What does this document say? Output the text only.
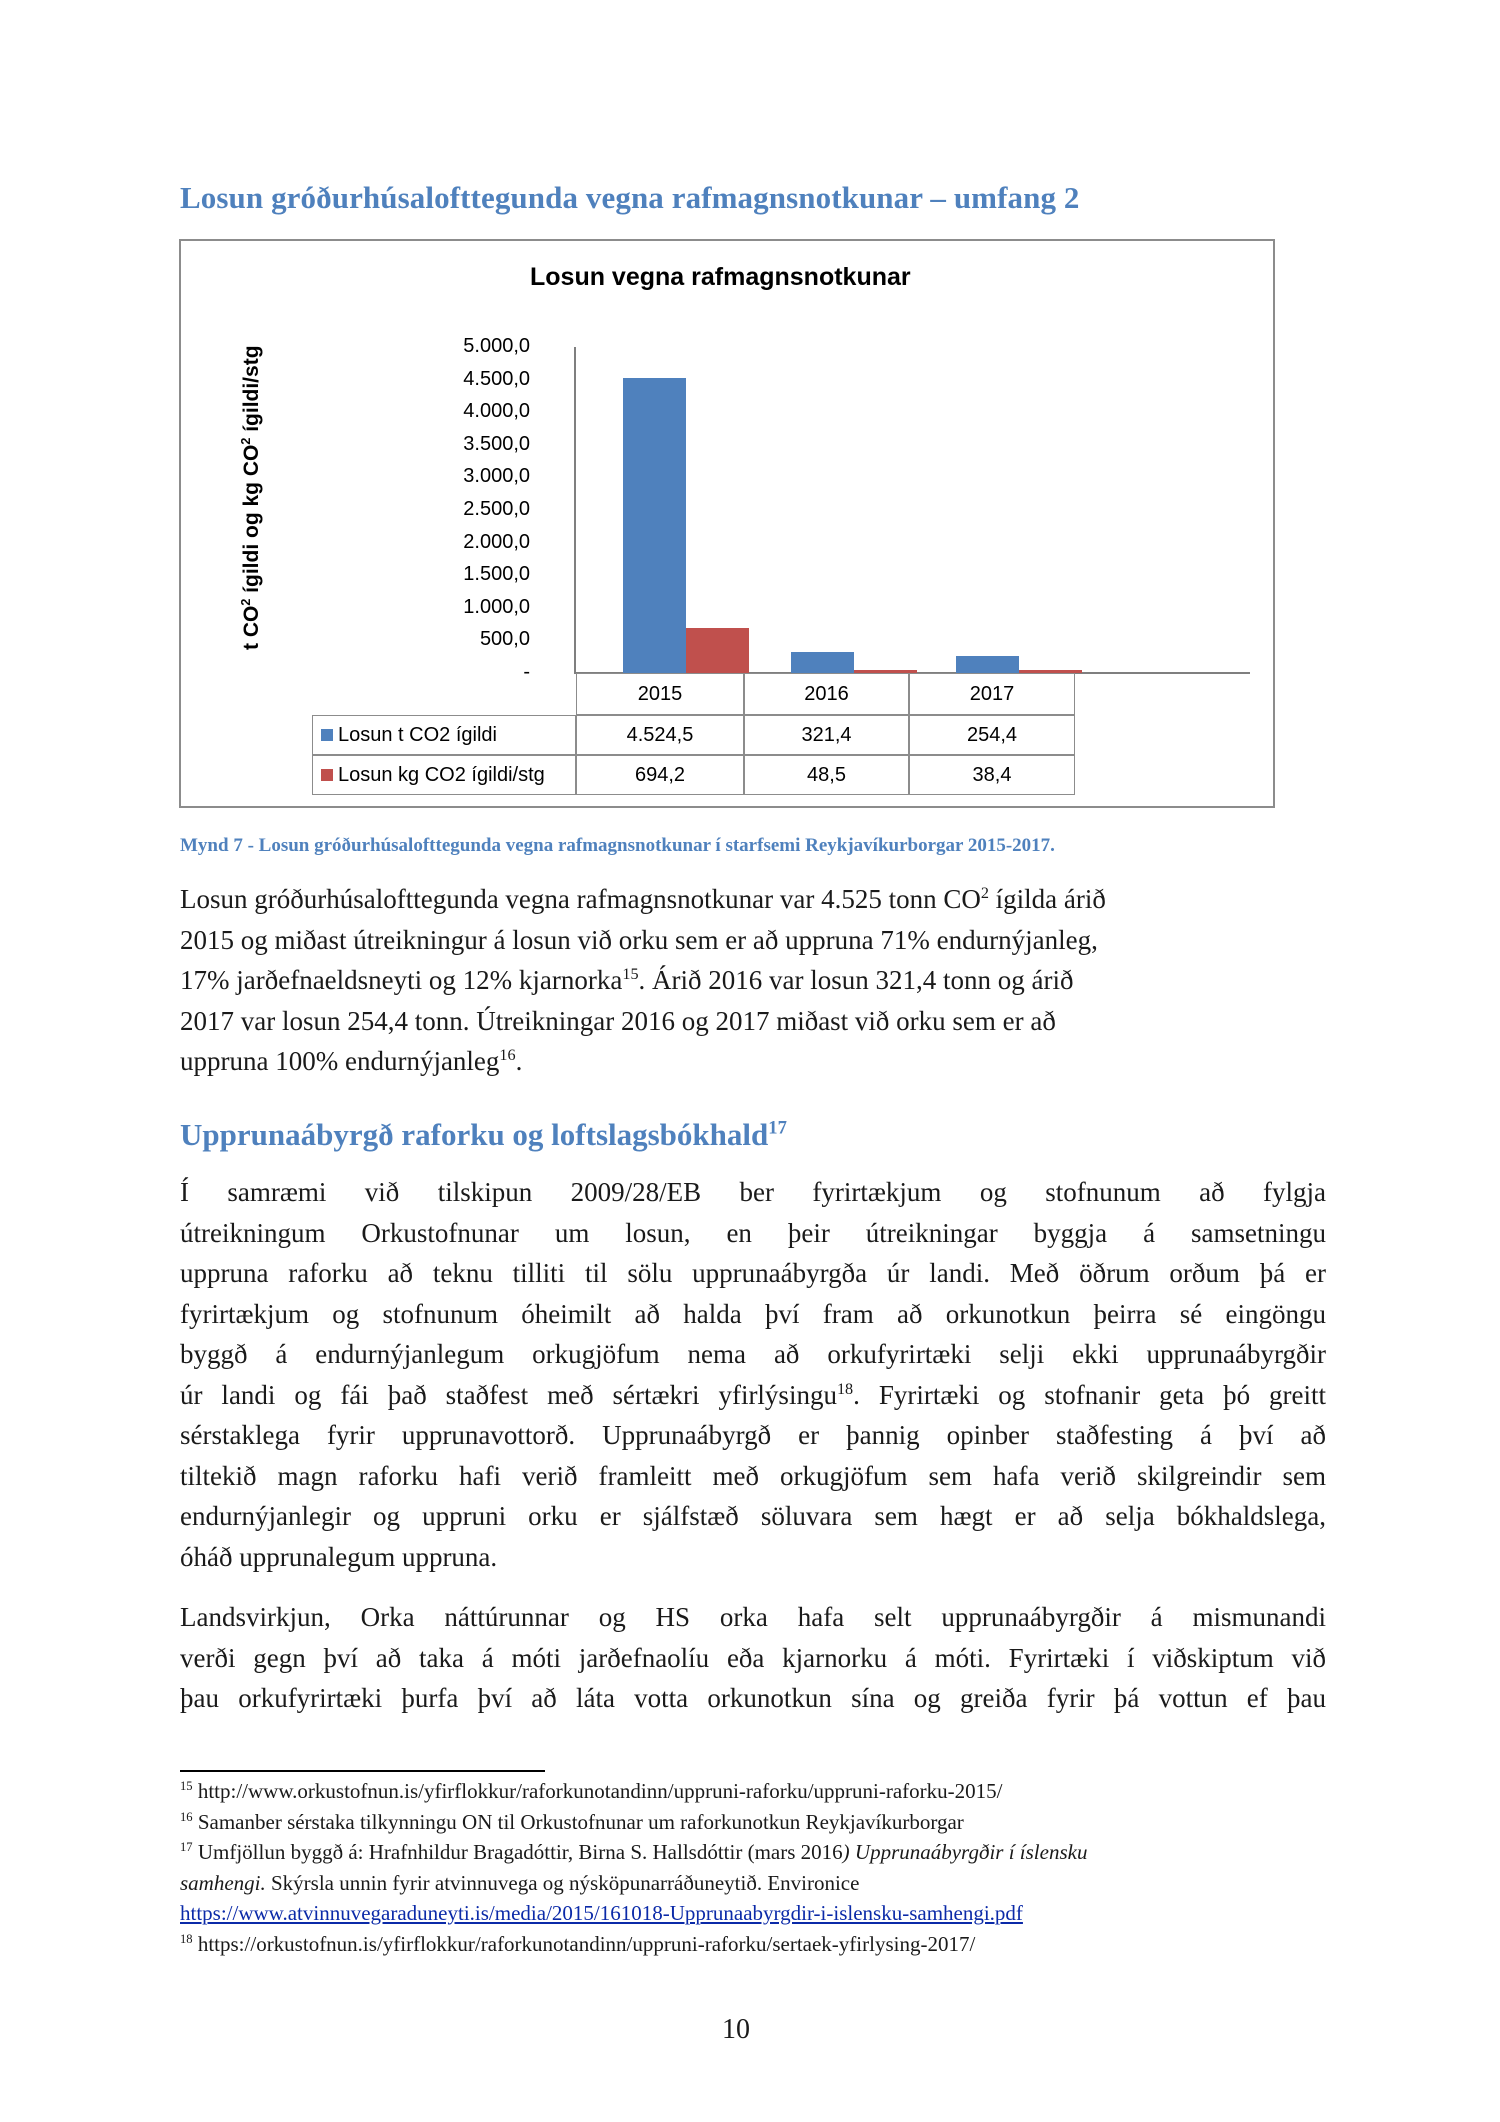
Losun gróðurhúsalofttegunda vegna rafmagnsnotkunar – umfang 2
Losun vegna rafmagnsnotkunar
t $CO^2$ ígildi og kg $CO^2$ ígildi/stg	5.000,0
4.500,0
4.000,0
3.500,0
3.000,0
2.500,0
2.000,0
1.500,0
1.000,0
500,0
-
2015	2016	2017
Losun t CO2 ígildi	4.524,5	321,4	254,4
Losun kg CO2 ígildi/stg	694,2	48,5	38,4
Mynd 7 - Losun gróðurhúsalofttegunda vegna rafmagnsnotkunar í starfsemi Reykjavíkurborgar 2015-2017.
Losun gróðurhúsalofttegunda vegna rafmagnsnotkunar var 4.525 tonn $CO^2$ ígilda árið
2015 og miðast útreikningur á losun við orku sem er að uppruna 71% endurnýjanleg,
17% jarðefnaeldsneyti og 12% kjarnorka$^{15}$. Árið 2016 var losun 321,4 tonn og árið
2017 var losun 254,4 tonn. Útreikningar 2016 og 2017 miðast við orku sem er að
uppruna 100% endurnýjanleg$^{16}$.
Upprunaábyrgð raforku og loftslagsbókhald$^{17}$
Í samræmi við tilskipun 2009/28/EB ber fyrirtækjum og stofnunum að fylgja
útreikningum Orkustofnunar um losun, en þeir útreikningar byggja á samsetningu
uppruna raforku að teknu tilliti til sölu upprunaábyrgða úr landi. Með öðrum orðum þá er
fyrirtækjum og stofnunum óheimilt að halda því fram að orkunotkun þeirra sé eingöngu
byggð á endurnýjanlegum orkugjöfum nema að orkufyrirtæki selji ekki upprunaábyrgðir
úr landi og fái það staðfest með sértækri yfirlýsingu$^{18}$. Fyrirtæki og stofnanir geta þó greitt
sérstaklega fyrir upprunavottorð. Upprunaábyrgð er þannig opinber staðfesting á því að
tiltekið magn raforku hafi verið framleitt með orkugjöfum sem hafa verið skilgreindir sem
endurnýjanlegir og uppruni orku er sjálfstæð söluvara sem hægt er að selja bókhaldslega,
óháð upprunalegum uppruna.
Landsvirkjun, Orka náttúrunnar og HS orka hafa selt upprunaábyrgðir á mismunandi
verði gegn því að taka á móti jarðefnaolíu eða kjarnorku á móti. Fyrirtæki í viðskiptum við
þau orkufyrirtæki þurfa því að láta votta orkunotkun sína og greiða fyrir þá vottun ef þau
$^{15}$ http://www.orkustofnun.is/yfirflokkur/raforkunotandinn/uppruni-raforku/uppruni-raforku-2015/
$^{16}$ Samanber sérstaka tilkynningu ON til Orkustofnunar um raforkunotkun Reykjavíkurborgar
$^{17}$ Umfjöllun byggð á: Hrafnhildur Bragadóttir, Birna S. Hallsdóttir (mars 2016) Upprunaábyrgðir í íslensku
samhengi. Skýrsla unnin fyrir atvinnuvega og nýsköpunarráðuneytið. Environice
https://www.atvinnuvegaraduneyti.is/media/2015/161018-Upprunaabyrgdir-i-islensku-samhengi.pdf
$^{18}$ https://orkustofnun.is/yfirflokkur/raforkunotandinn/uppruni-raforku/sertaek-yfirlysing-2017/
10
